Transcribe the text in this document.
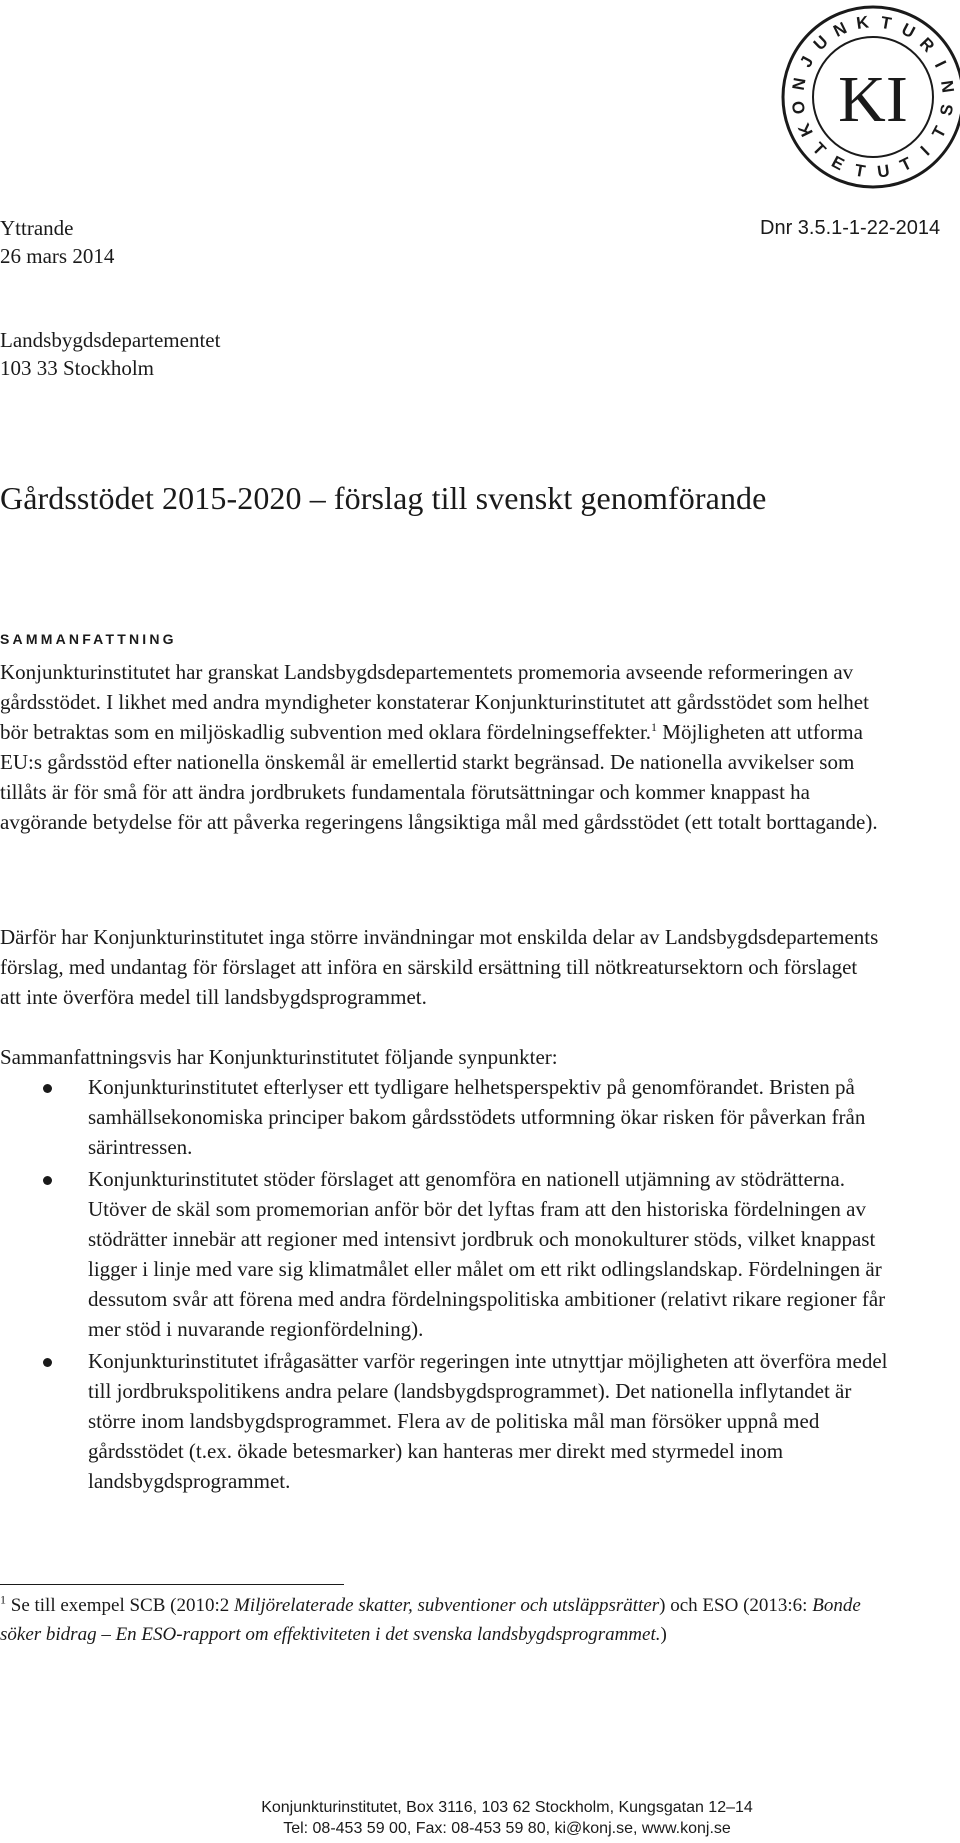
K
O
N
J
U
N K T U
R
I
N
S
T
I
T
U
T
E
T
KI
Yttrande	Dnr 3.5.1-1-22-2014
26 mars 2014
Landsbygdsdepartementet
103 33 Stockholm
Gårdsstödet 2015-2020 – förslag till svenskt genomförande
SAMMANFATTNING

Konjunkturinstitutet har granskat Landsbygdsdepartementets promemoria avseende reformeringen av gårdsstödet. I likhet med andra myndigheter konstaterar Konjunkturinstitutet att gårdsstödet som helhet bör betraktas som en miljöskadlig subvention med oklara fördelningseffekter.$^1$ Möjligheten att utforma EU:s gårdsstöd efter nationella önskemål är emellertid starkt begränsad. De nationella avvikelser som tillåts är för små för att ändra jordbrukets fundamentala förutsättningar och kommer knappast ha avgörande betydelse för att påverka regeringens långsiktiga mål med gårdsstödet (ett totalt borttagande).

Därför har Konjunkturinstitutet inga större invändningar mot enskilda delar av Landsbygdsdepartements förslag, med undantag för förslaget att införa en särskild ersättning till nötkreatursektorn och förslaget att inte överföra medel till landsbygdsprogrammet.

Sammanfattningsvis har Konjunkturinstitutet följande synpunkter:

Konjunkturinstitutet efterlyser ett tydligare helhetsperspektiv på genomförandet. Bristen på samhällsekonomiska principer bakom gårdsstödets utformning ökar risken för påverkan från särintressen.
Konjunkturinstitutet stöder förslaget att genomföra en nationell utjämning av stödrätterna. Utöver de skäl som promemorian anför bör det lyftas fram att den historiska fördelningen av stödrätter innebär att regioner med intensivt jordbruk och monokulturer stöds, vilket knappast ligger i linje med vare sig klimatmålet eller målet om ett rikt odlingslandskap. Fördelningen är dessutom svår att förena med andra fördelningspolitiska ambitioner (relativt rikare regioner får mer stöd i nuvarande regionfördelning).
Konjunkturinstitutet ifrågasätter varför regeringen inte utnyttjar möjligheten att överföra medel till jordbrukspolitikens andra pelare (landsbygdsprogrammet). Det nationella inflytandet är större inom landsbygdsprogrammet. Flera av de politiska mål man försöker uppnå med gårdsstödet (t.ex. ökade betesmarker) kan hanteras mer direkt med styrmedel inom landsbygdsprogrammet.
$^1$ Se till exempel SCB (2010:2 Miljörelaterade skatter, subventioner och utsläppsrätter) och ESO (2013:6: Bonde söker bidrag – En ESO-rapport om effektiviteten i det svenska landsbygdsprogrammet.)
Konjunkturinstitutet, Box 3116, 103 62 Stockholm, Kungsgatan 12–14
Tel: 08-453 59 00, Fax: 08-453 59 80, ki@konj.se, www.konj.se
